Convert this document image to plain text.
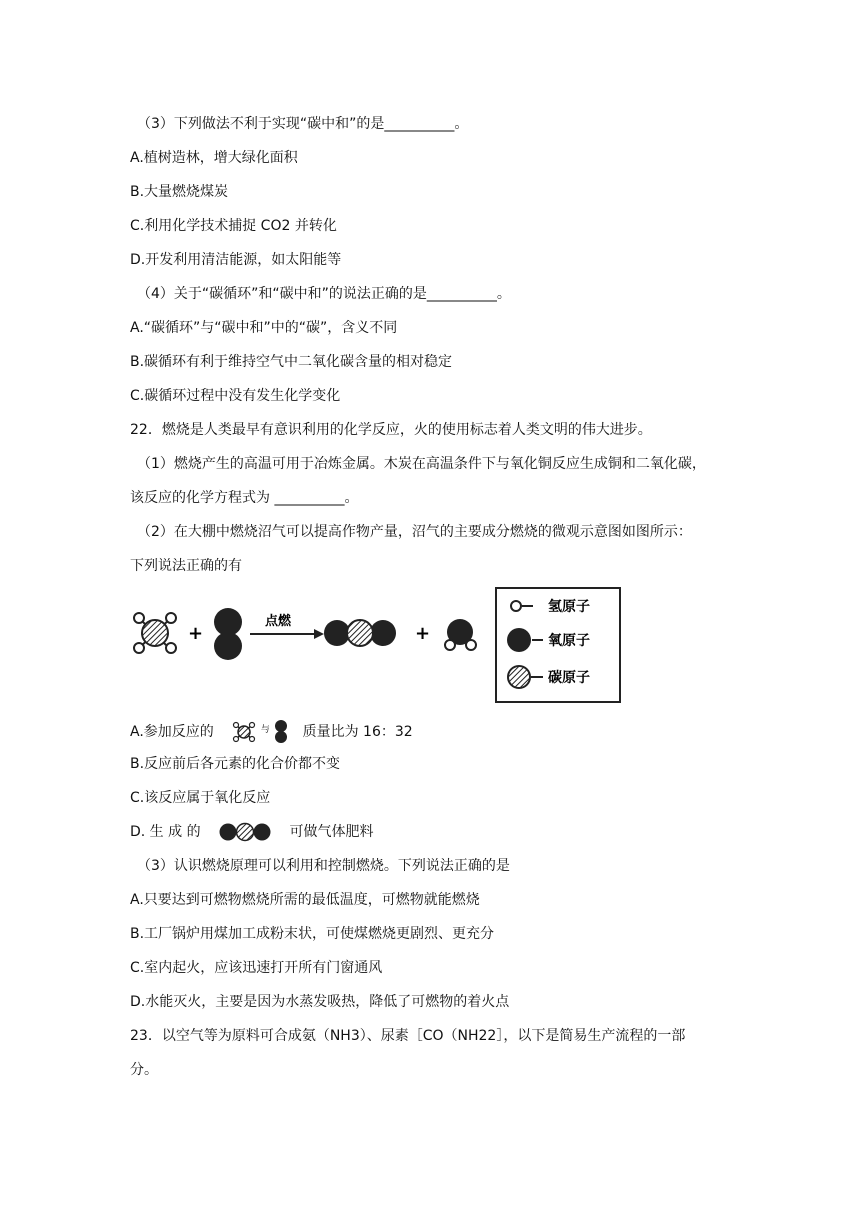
（3）下列做法不利于实现“碳中和”的是__________。
A.植树造林，增大绿化面积
B.大量燃烧煤炭
C.利用化学技术捕捉 CO2 并转化
D.开发利用清洁能源，如太阳能等
（4）关于“碳循环”和“碳中和”的说法正确的是__________。
A.“碳循环”与“碳中和”中的“碳”，含义不同
B.碳循环有利于维持空气中二氧化碳含量的相对稳定
C.碳循环过程中没有发生化学变化
22．燃烧是人类最早有意识利用的化学反应，火的使用标志着人类文明的伟大进步。
（1）燃烧产生的高温可用于冶炼金属。木炭在高温条件下与氧化铜反应生成铜和二氧化碳，
该反应的化学方程式为 __________。
（2）在大棚中燃烧沼气可以提高作物产量，沼气的主要成分燃烧的微观示意图如图所示：
下列说法正确的有
+
点燃
+
氢原子
氧原子
碳原子
A.参加反应的	$^与$ 质量比为 16：32
B.反应前后各元素的化合价都不变
C.该反应属于氧化反应
D. 生 成 的	可做气体肥料
（3）认识燃烧原理可以利用和控制燃烧。下列说法正确的是
A.只要达到可燃物燃烧所需的最低温度，可燃物就能燃烧
B.工厂锅炉用煤加工成粉末状，可使煤燃烧更剧烈、更充分
C.室内起火，应该迅速打开所有门窗通风
D.水能灭火，主要是因为水蒸发吸热，降低了可燃物的着火点
23．以空气等为原料可合成氨（NH3）、尿素［CO（NH22］，以下是简易生产流程的一部
分。
